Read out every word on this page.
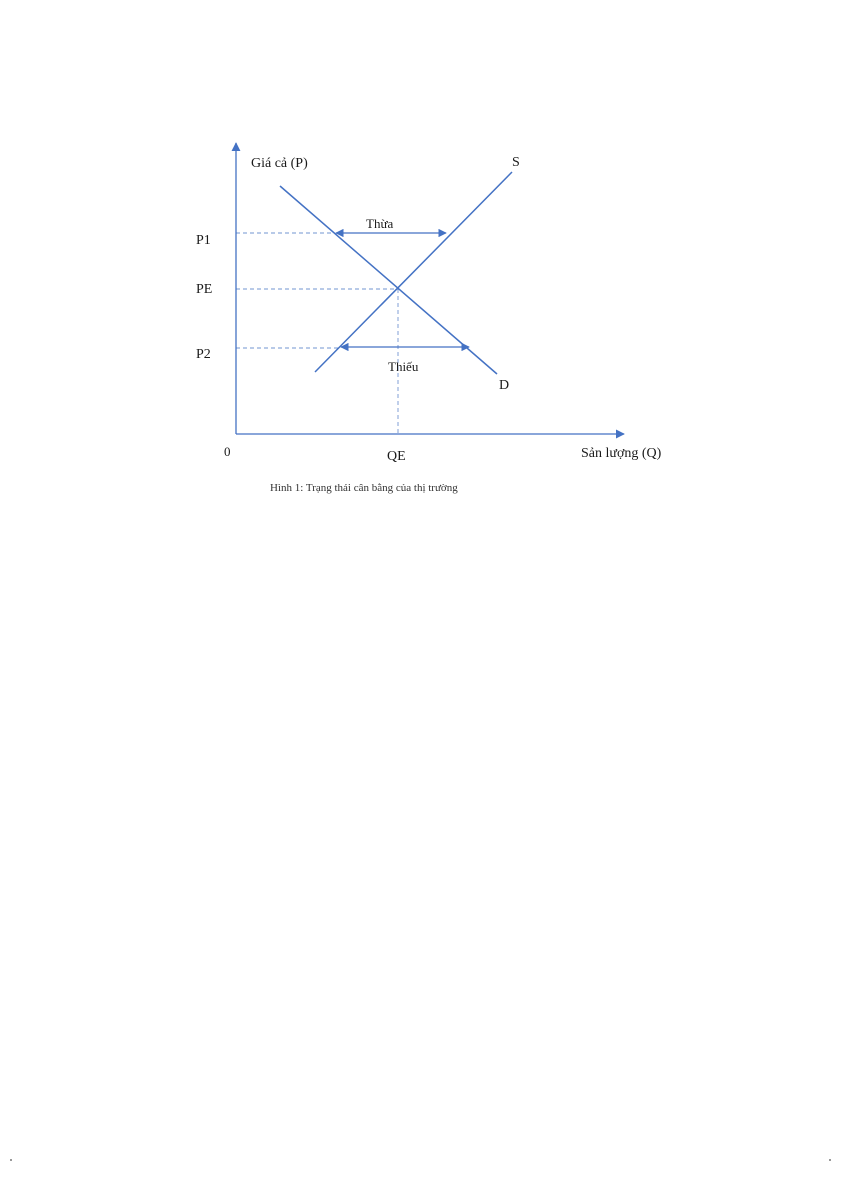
Giá cả (P)
Sản lượng (Q)
0
P1
PE
P2
QE
S
D
Thừa
Thiếu
Hình 1: Trạng thái cân bằng của thị trường
